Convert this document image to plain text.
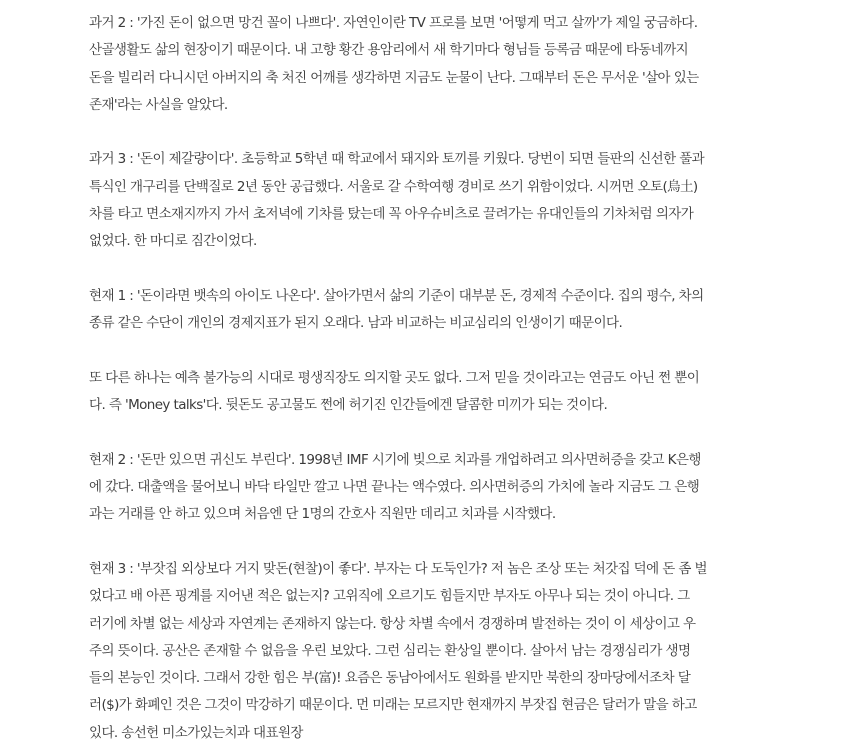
과거 2 : '가진 돈이 없으면 망건 꼴이 나쁘다'. 자연인이란 TV 프로를 보면 '어떻게 먹고 살까'가 제일 궁금하다.
산골생활도 삶의 현장이기 때문이다. 내 고향 황간 용암리에서 새 학기마다 형님들 등록금 때문에 타동네까지
돈을 빌리러 다니시던 아버지의 축 처진 어깨를 생각하면 지금도 눈물이 난다. 그때부터 돈은 무서운 '살아 있는
존재'라는 사실을 알았다.

과거 3 : '돈이 제갈량이다'. 초등학교 5학년 때 학교에서 돼지와 토끼를 키웠다. 당번이 되면 들판의 신선한 풀과
특식인 개구리를 단백질로 2년 동안 공급했다. 서울로 갈 수학여행 경비로 쓰기 위함이었다. 시꺼먼 오토(烏土)
차를 타고 면소재지까지 가서 초저녁에 기차를 탔는데 꼭 아우슈비츠로 끌려가는 유대인들의 기차처럼 의자가
없었다. 한 마디로 짐간이었다.

현재 1 : '돈이라면 뱃속의 아이도 나온다'. 살아가면서 삶의 기준이 대부분 돈, 경제적 수준이다. 집의 평수, 차의
종류 같은 수단이 개인의 경제지표가 된지 오래다. 남과 비교하는 비교심리의 인생이기 때문이다.

또 다른 하나는 예측 불가능의 시대로 평생직장도 의지할 곳도 없다. 그저 믿을 것이라고는 연금도 아닌 쩐 뿐이
다. 즉 'Money talks'다. 뒷돈도 공고물도 쩐에 허기진 인간들에겐 달콤한 미끼가 되는 것이다.

현재 2 : '돈만 있으면 귀신도 부린다'. 1998년 IMF 시기에 빚으로 치과를 개업하려고 의사면허증을 갖고 K은행
에 갔다. 대출액을 물어보니 바닥 타일만 깔고 나면 끝나는 액수였다. 의사면허증의 가치에 놀라 지금도 그 은행
과는 거래를 안 하고 있으며 처음엔 단 1명의 간호사 직원만 데리고 치과를 시작했다.

현재 3 : '부잣집 외상보다 거지 맞돈(현찰)이 좋다'. 부자는 다 도둑인가? 저 놈은 조상 또는 처갓집 덕에 돈 좀 벌
었다고 배 아픈 핑계를 지어낸 적은 없는지? 고위직에 오르기도 힘들지만 부자도 아무나 되는 것이 아니다. 그
러기에 차별 없는 세상과 자연계는 존재하지 않는다. 항상 차별 속에서 경쟁하며 발전하는 것이 이 세상이고 우
주의 뜻이다. 공산은 존재할 수 없음을 우린 보았다. 그런 심리는 환상일 뿐이다. 살아서 남는 경쟁심리가 생명
들의 본능인 것이다. 그래서 강한 힘은 부(富)! 요즘은 동남아에서도 원화를 받지만 북한의 장마당에서조차 달
러($)가 화폐인 것은 그것이 막강하기 때문이다. 먼 미래는 모르지만 현재까지 부잣집 현금은 달러가 말을 하고
있다. 송선헌 미소가있는치과 대표원장
